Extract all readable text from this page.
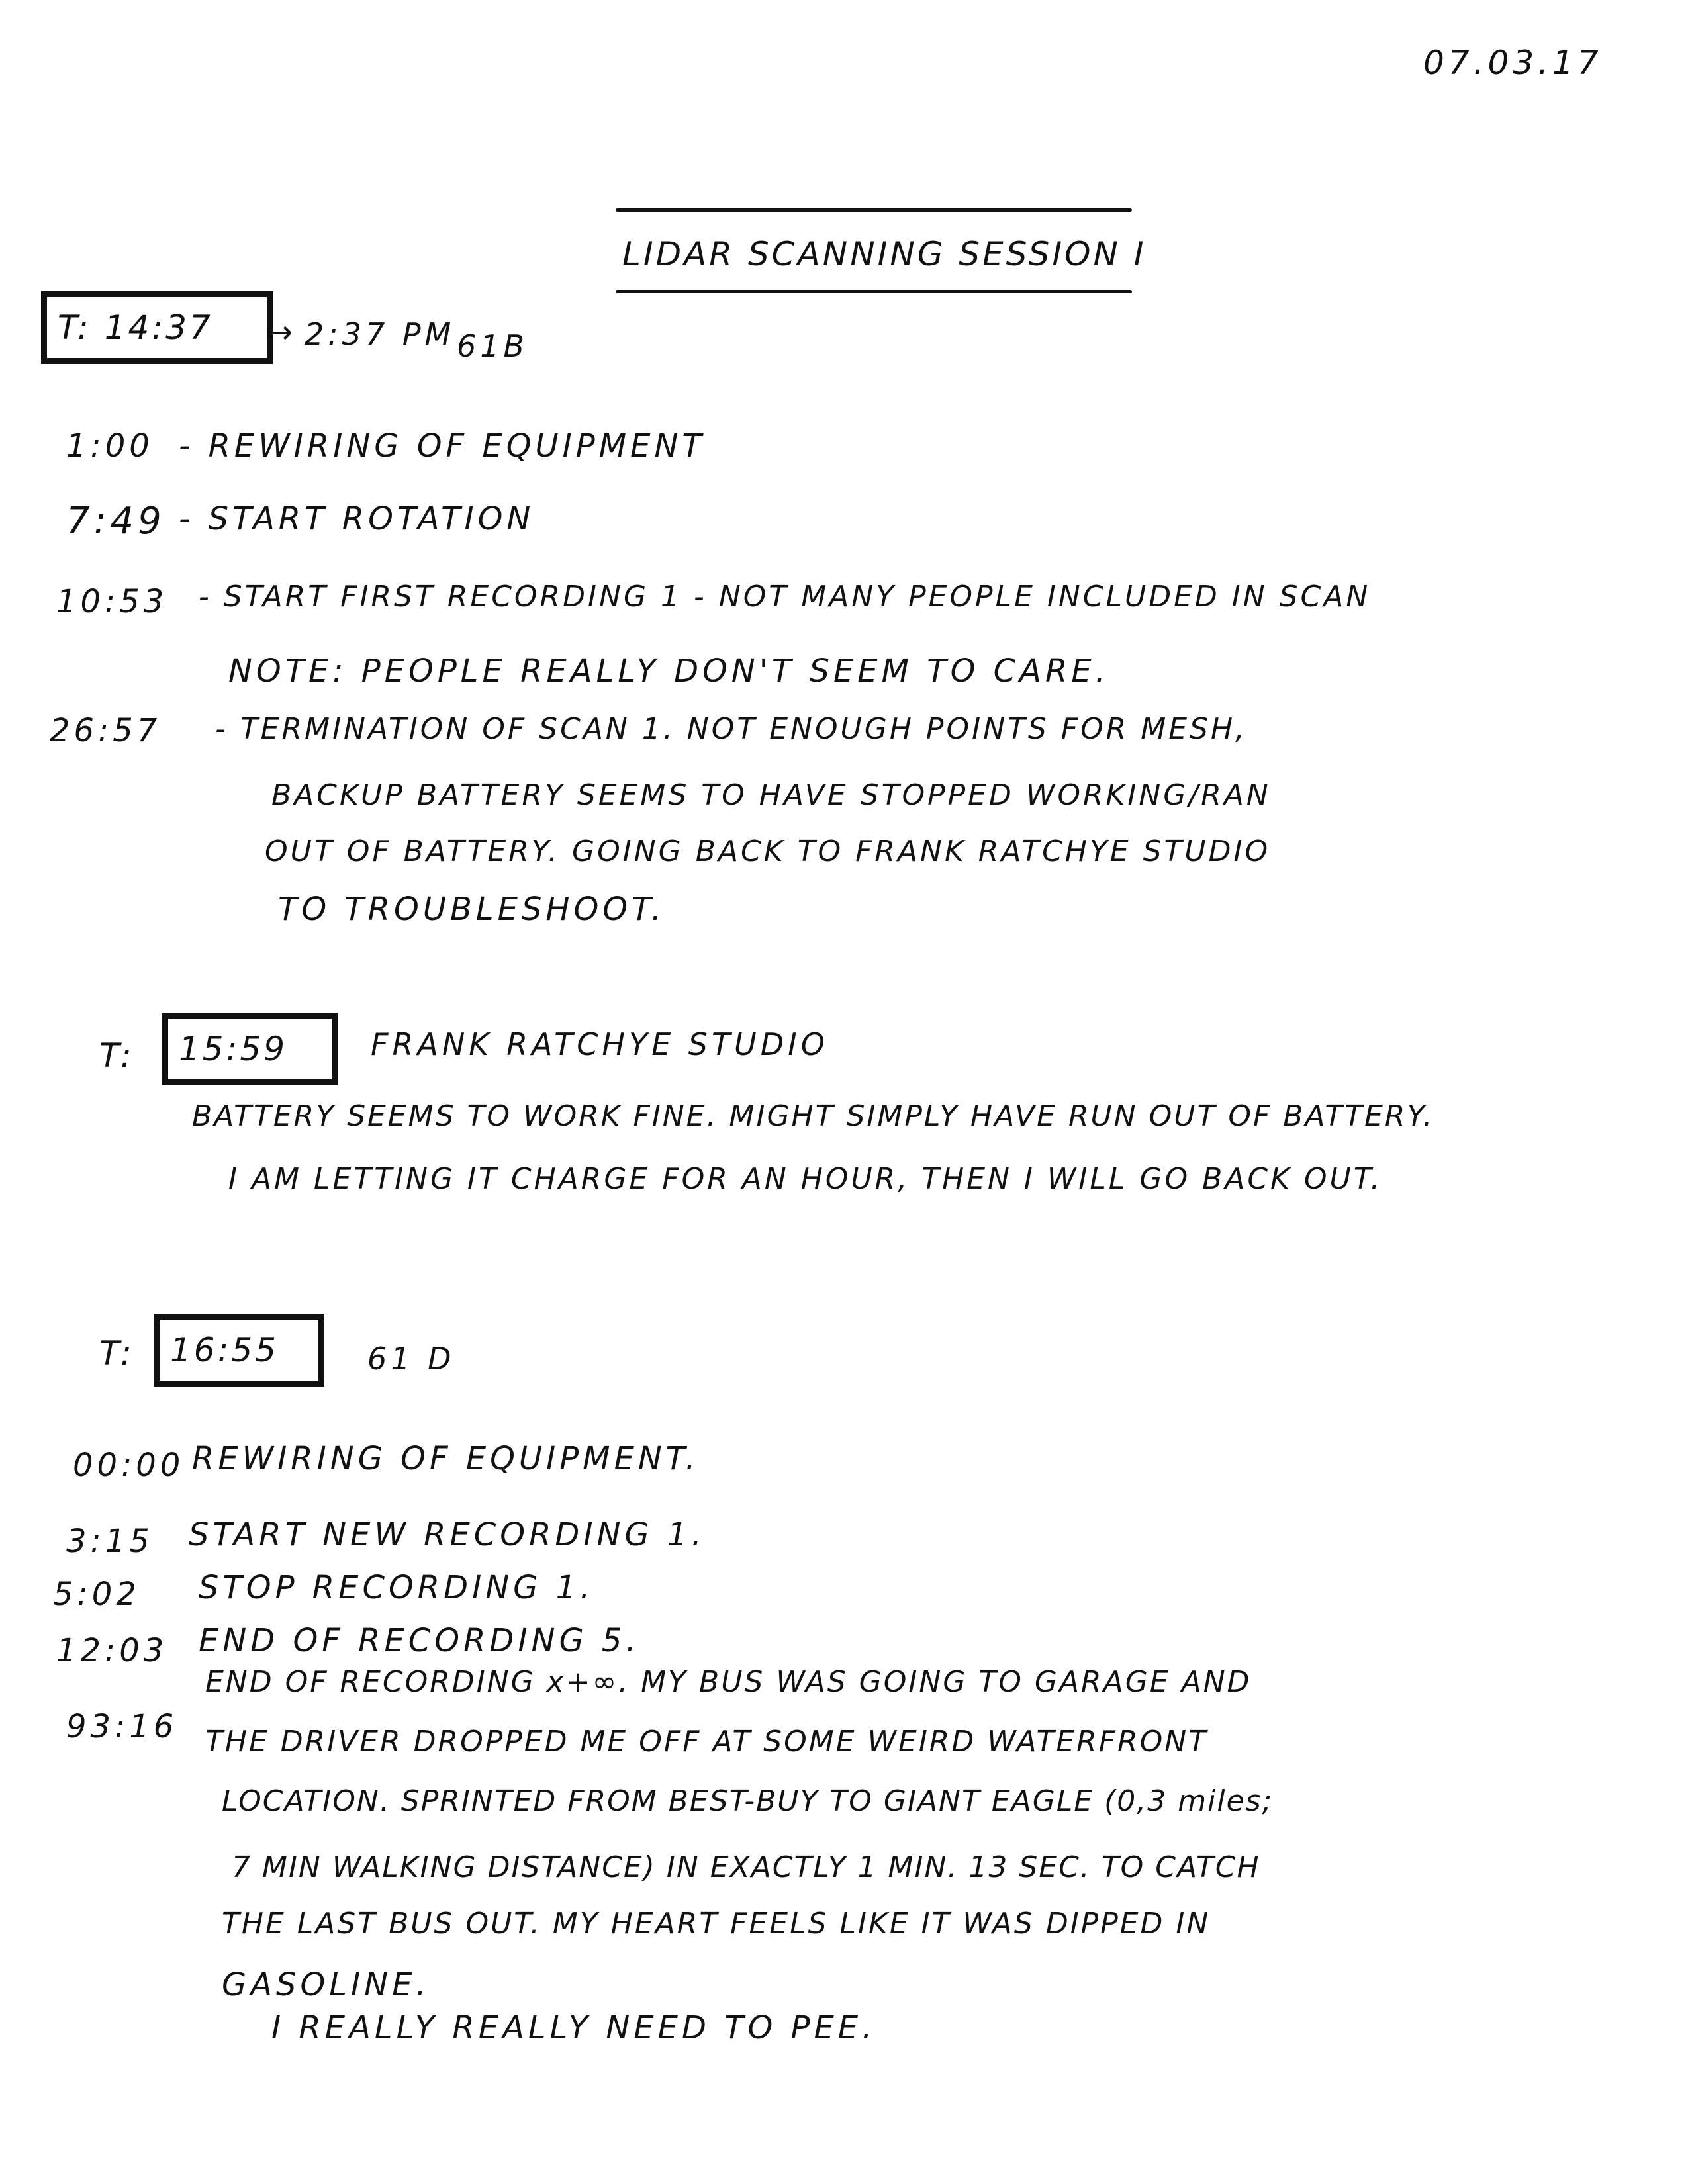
07.03.17
LIDAR SCANNING SESSION I
T: 14:37 → 2:37 PM 61B
1:00 - REWIRING OF EQUIPMENT
7:49 - START ROTATION
10:53 - START FIRST RECORDING 1 - NOT MANY PEOPLE INCLUDED IN SCAN
NOTE: PEOPLE REALLY DON'T SEEM TO CARE.
26:57 - TERMINATION OF SCAN 1. NOT ENOUGH POINTS FOR MESH,
BACKUP BATTERY SEEMS TO HAVE STOPPED WORKING/RAN
OUT OF BATTERY. GOING BACK TO FRANK RATCHYE STUDIO
TO TROUBLESHOOT.
T: 15:59	FRANK RATCHYE STUDIO
BATTERY SEEMS TO WORK FINE. MIGHT SIMPLY HAVE RUN OUT OF BATTERY.
I AM LETTING IT CHARGE FOR AN HOUR, THEN I WILL GO BACK OUT.
T: 16:55	61 D
00:00 REWIRING OF EQUIPMENT.
3:15 START NEW RECORDING 1.
5:02 STOP RECORDING 1.
12:03 END OF RECORDING 5.
93:16
END OF RECORDING x+∞. MY BUS WAS GOING TO GARAGE AND
THE DRIVER DROPPED ME OFF AT SOME WEIRD WATERFRONT
LOCATION. SPRINTED FROM BEST-BUY TO GIANT EAGLE (0,3 miles;
7 MIN WALKING DISTANCE) IN EXACTLY 1 MIN. 13 SEC. TO CATCH
THE LAST BUS OUT. MY HEART FEELS LIKE IT WAS DIPPED IN
GASOLINE.
I REALLY REALLY NEED TO PEE.
